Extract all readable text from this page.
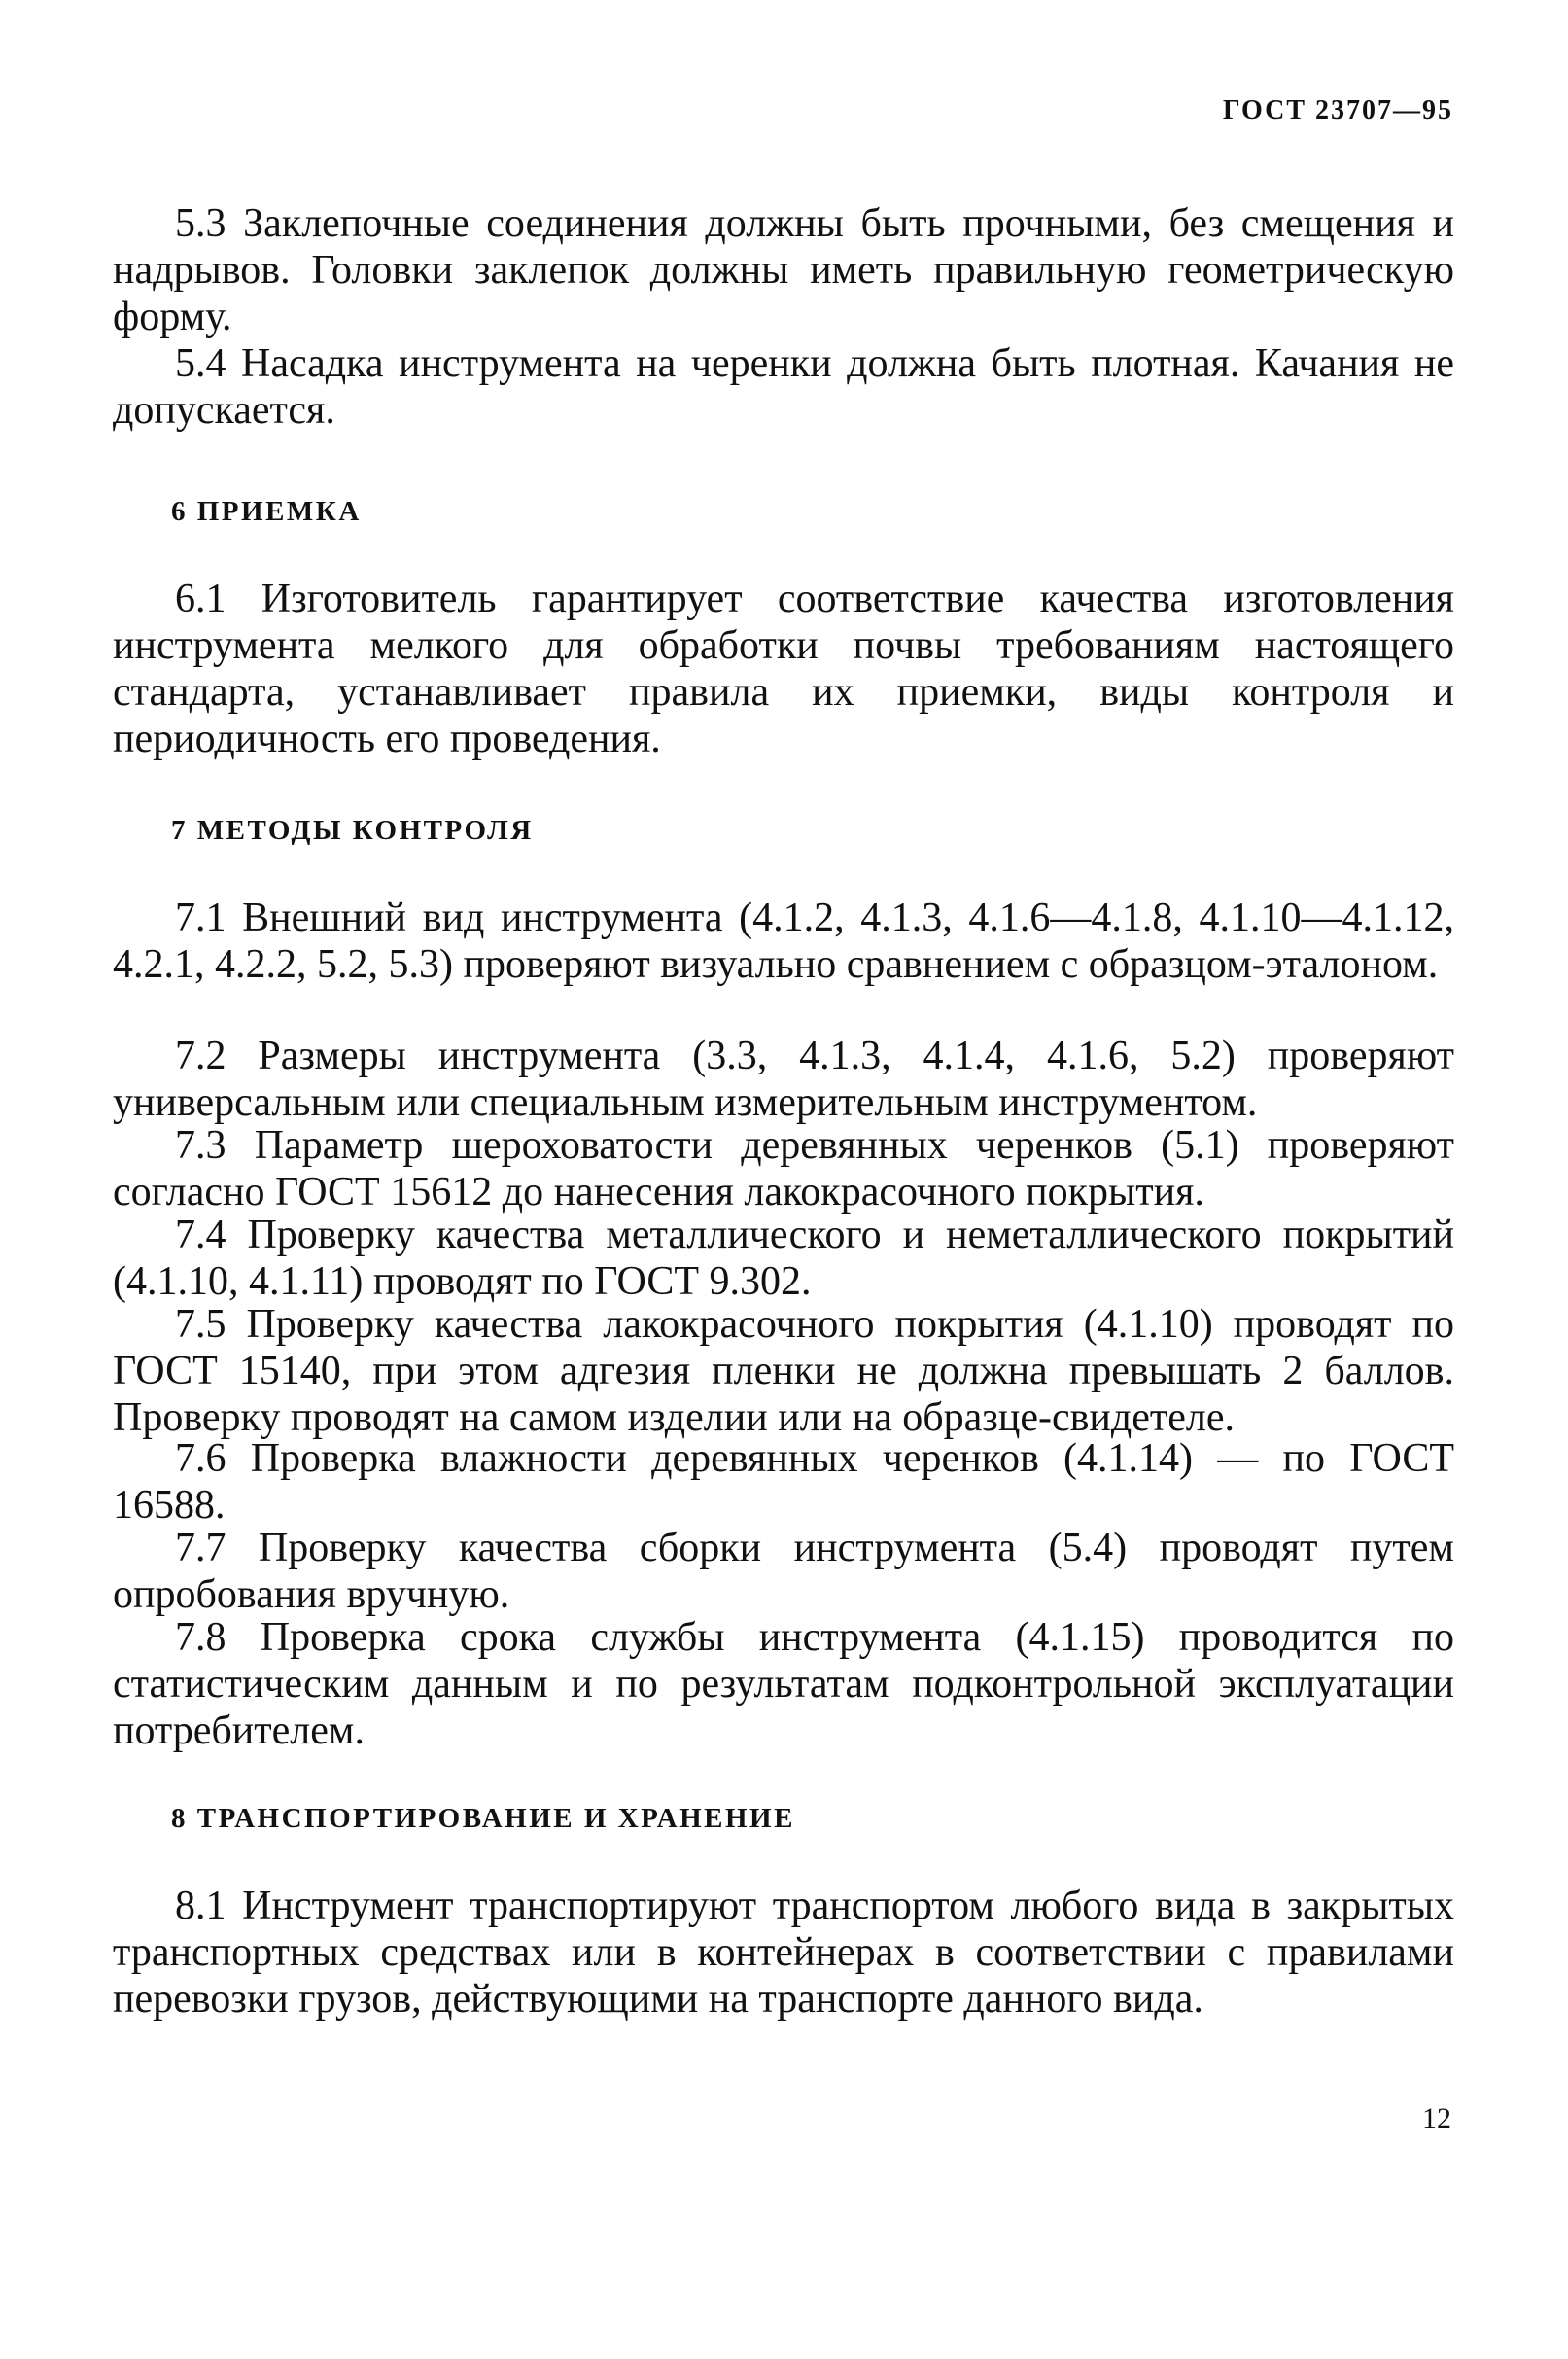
ГОСТ 23707—95

5.3 Заклепочные соединения должны быть прочными, без смещения и надрывов. Головки заклепок должны иметь правильную геометрическую форму.

5.4 Насадка инструмента на черенки должна быть плотная. Качания не допускается.

6 ПРИЕМКА

6.1 Изготовитель гарантирует соответствие качества изготовления инструмента мелкого для обработки почвы требованиям настоящего стандарта, устанавливает правила их приемки, виды контроля и периодичность его проведения.

7 МЕТОДЫ КОНТРОЛЯ

7.1 Внешний вид инструмента (4.1.2, 4.1.3, 4.1.6—4.1.8, 4.1.10—4.1.12, 4.2.1, 4.2.2, 5.2, 5.3) проверяют визуально сравнением с образцом-эталоном.

7.2 Размеры инструмента (3.3, 4.1.3, 4.1.4, 4.1.6, 5.2) проверяют универсальным или специальным измерительным инструментом.

7.3 Параметр шероховатости деревянных черенков (5.1) проверяют согласно ГОСТ 15612 до нанесения лакокрасочного покрытия.

7.4 Проверку качества металлического и неметаллического покрытий (4.1.10, 4.1.11) проводят по ГОСТ 9.302.

7.5 Проверку качества лакокрасочного покрытия (4.1.10) проводят по ГОСТ 15140, при этом адгезия пленки не должна превышать 2 баллов. Проверку проводят на самом изделии или на образце-свидетеле.

7.6 Проверка влажности деревянных черенков (4.1.14) — по ГОСТ 16588.

7.7 Проверку качества сборки инструмента (5.4) проводят путем опробования вручную.

7.8 Проверка срока службы инструмента (4.1.15) проводится по статистическим данным и по результатам подконтрольной эксплуатации потребителем.

8 ТРАНСПОРТИРОВАНИЕ И ХРАНЕНИЕ

8.1 Инструмент транспортируют транспортом любого вида в закрытых транспортных средствах или в контейнерах в соответствии с правилами перевозки грузов, действующими на транспорте данного вида.

12
